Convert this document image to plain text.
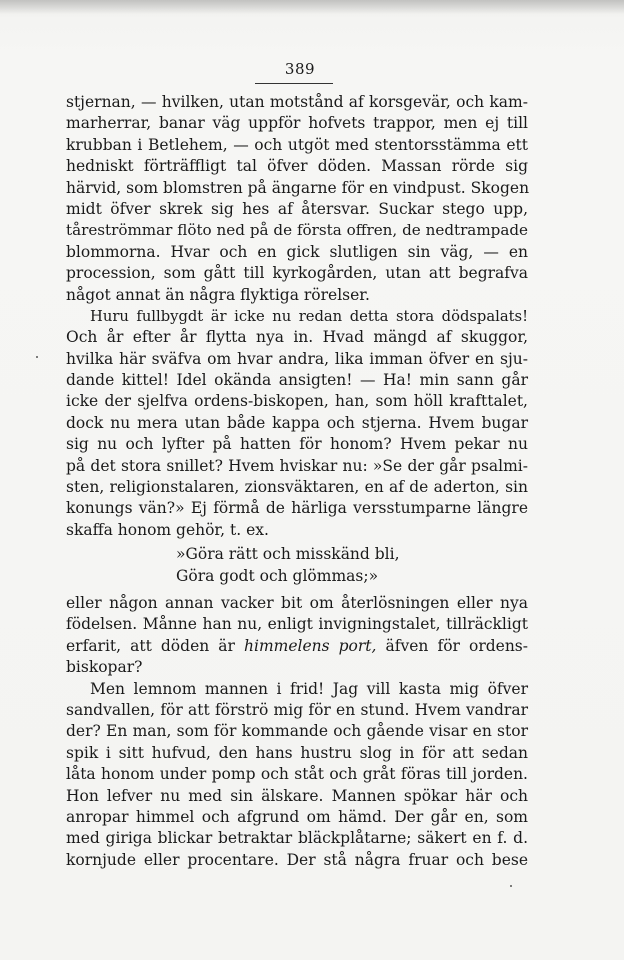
389
stjernan, — hvilken, utan motstånd af korsgevär, och kam-
marherrar, banar väg uppför hofvets trappor, men ej till
krubban i Betlehem, — och utgöt med stentorsstämma ett
hedniskt förträffligt tal öfver döden. Massan rörde sig
härvid, som blomstren på ängarne för en vindpust. Skogen
midt öfver skrek sig hes af återsvar. Suckar stego upp,
tåreströmmar flöto ned på de första offren, de nedtrampade
blommorna. Hvar och en gick slutligen sin väg, — en
procession, som gått till kyrkogården, utan att begrafva
något annat än några flyktiga rörelser.
Huru fullbygdt är icke nu redan detta stora dödspalats!
Och år efter år flytta nya in. Hvad mängd af skuggor,
hvilka här sväfva om hvar andra, lika imman öfver en sju-
dande kittel! Idel okända ansigten! — Ha! min sann går
icke der sjelfva ordens-biskopen, han, som höll krafttalet,
dock nu mera utan både kappa och stjerna. Hvem bugar
sig nu och lyfter på hatten för honom? Hvem pekar nu
på det stora snillet? Hvem hviskar nu: »Se der går psalmi-
sten, religionstalaren, zionsväktaren, en af de aderton, sin
konungs vän?» Ej förmå de härliga versstumparne längre
skaffa honom gehör, t. ex.
»Göra rätt och misskänd bli,
Göra godt och glömmas;»
eller någon annan vacker bit om återlösningen eller nya
födelsen. Månne han nu, enligt invigningstalet, tillräckligt
erfarit, att döden är himmelens port, äfven för ordens-
biskopar?
Men lemnom mannen i frid! Jag vill kasta mig öfver
sandvallen, för att förströ mig för en stund. Hvem vandrar
der? En man, som för kommande och gående visar en stor
spik i sitt hufvud, den hans hustru slog in för att sedan
låta honom under pomp och ståt och gråt föras till jorden.
Hon lefver nu med sin älskare. Mannen spökar här och
anropar himmel och afgrund om hämd. Der går en, som
med giriga blickar betraktar bläckplåtarne; säkert en f. d.
kornjude eller procentare. Der stå några fruar och bese
